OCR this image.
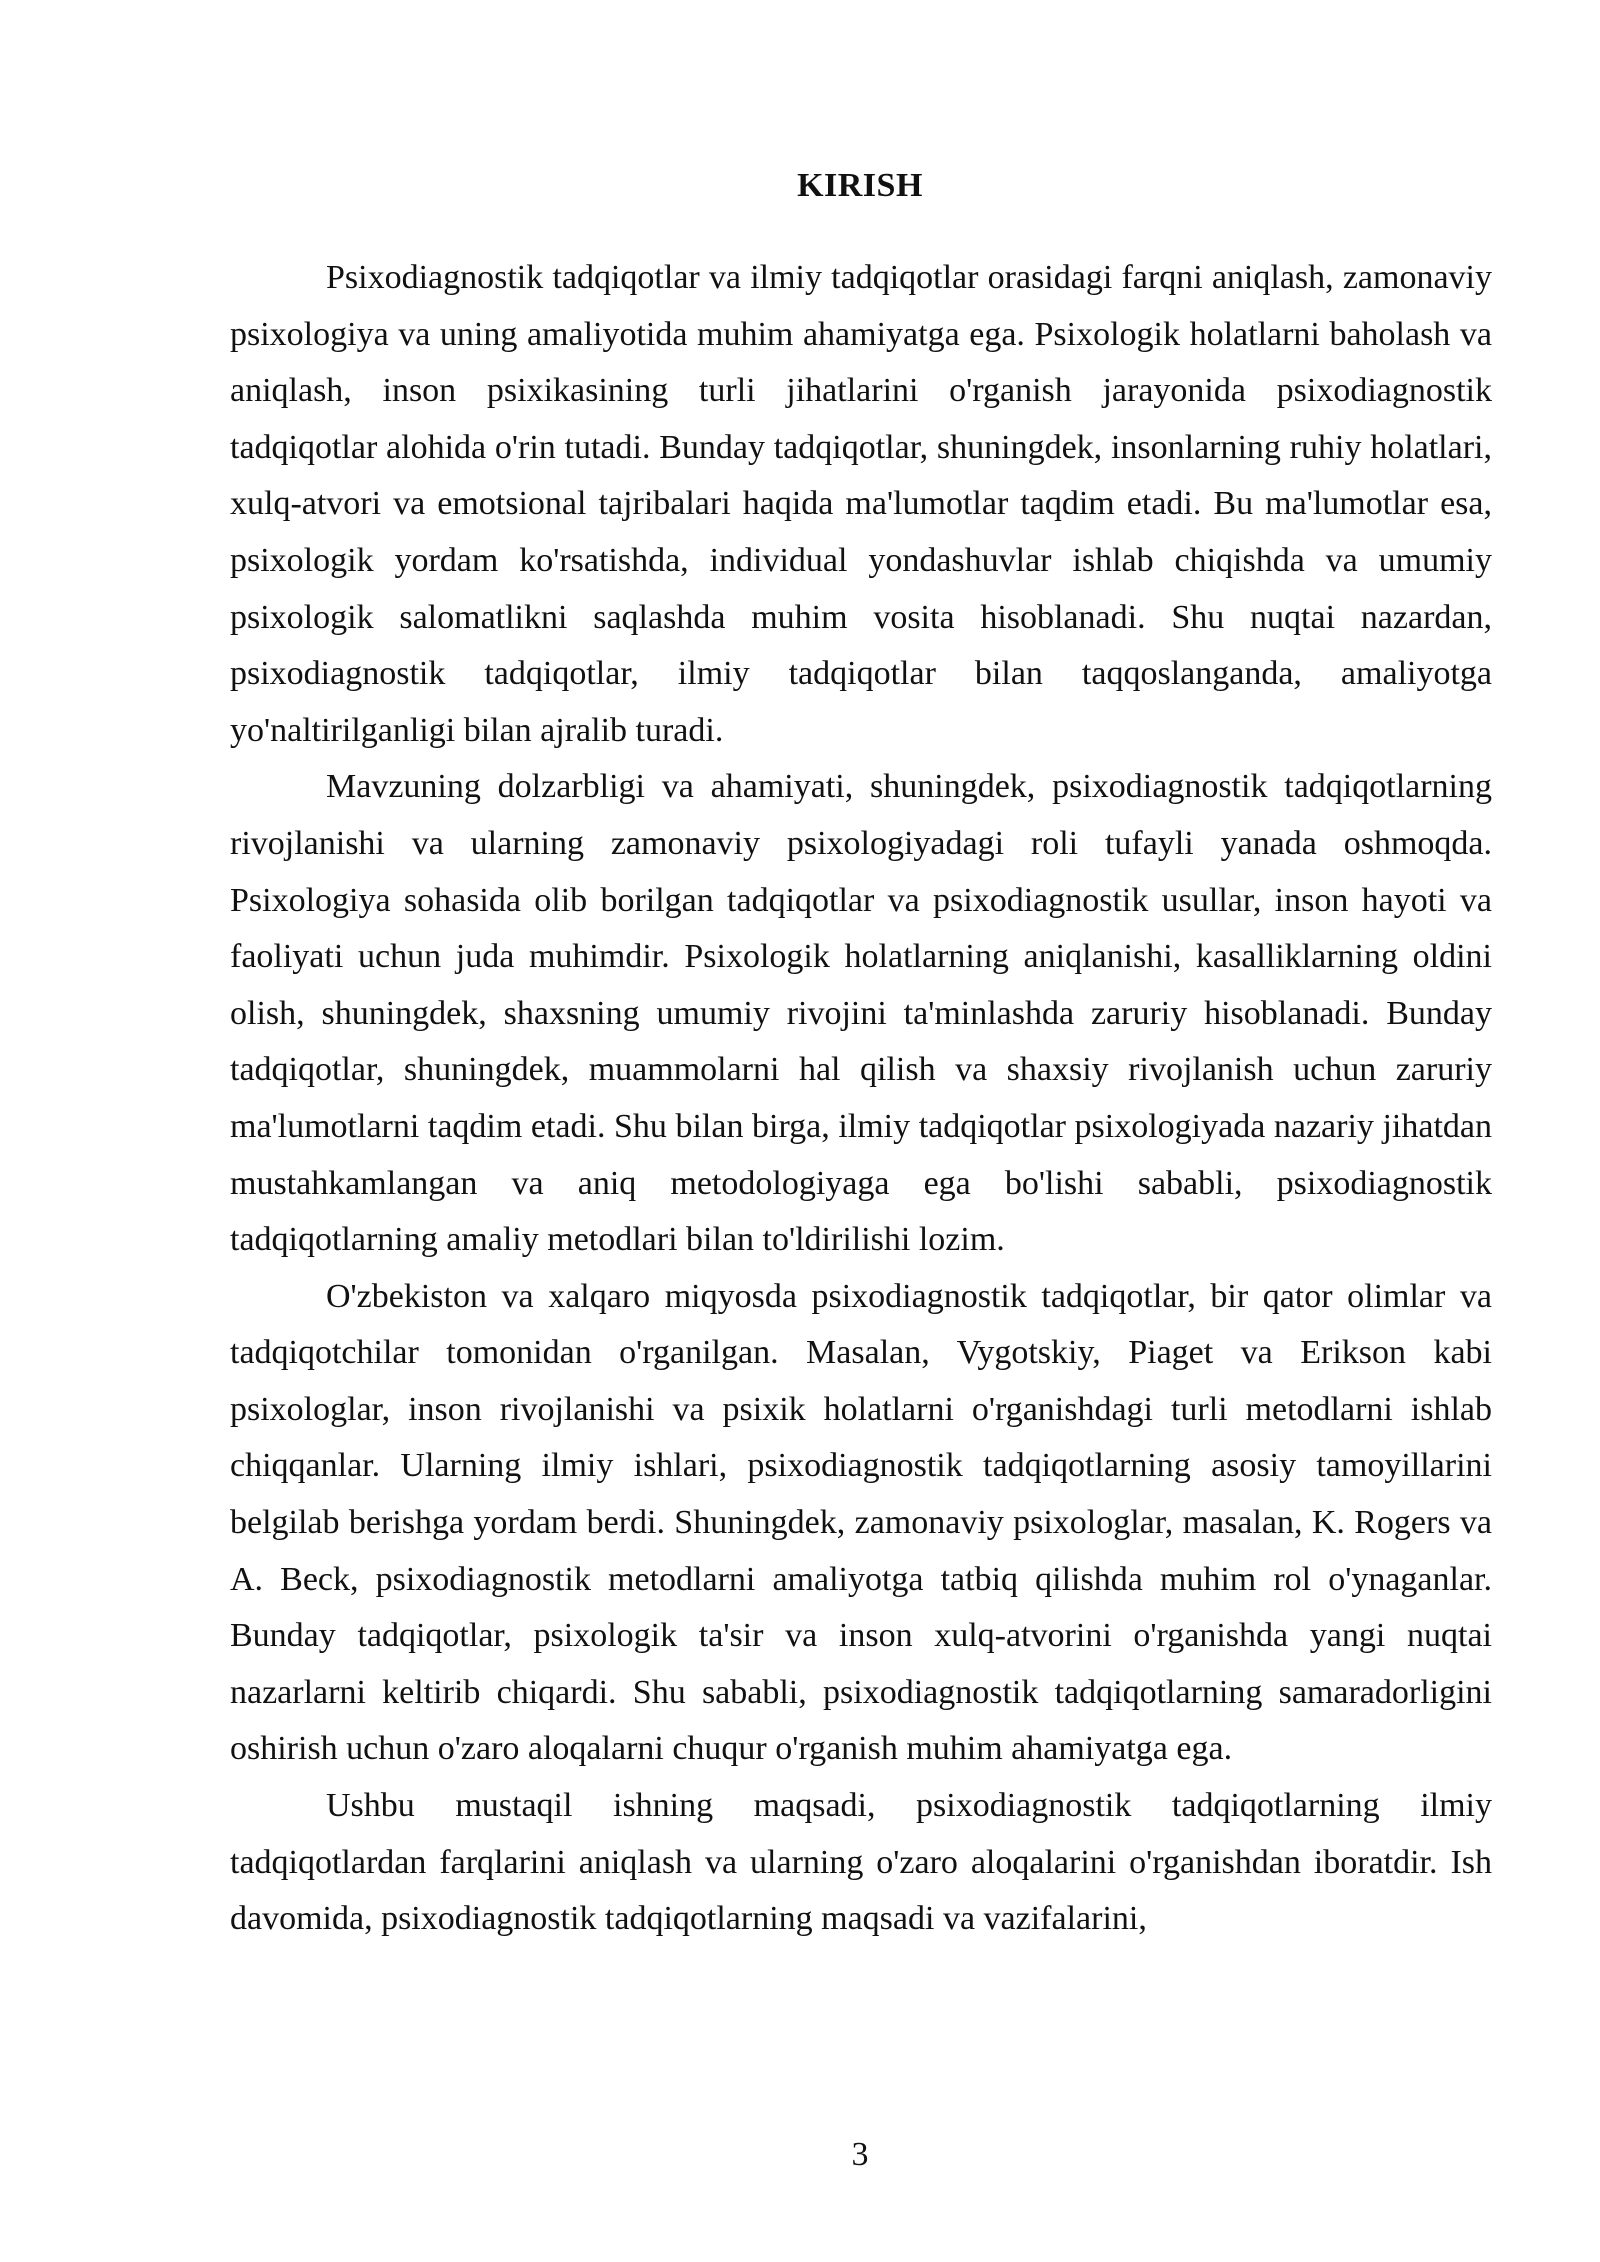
KIRISH

Psixodiagnostik tadqiqotlar va ilmiy tadqiqotlar orasidagi farqni aniqlash, zamonaviy psixologiya va uning amaliyotida muhim ahamiyatga ega. Psixologik holatlarni baholash va aniqlash, inson psixikasining turli jihatlarini o'rganish jarayonida psixodiagnostik tadqiqotlar alohida o'rin tutadi. Bunday tadqiqotlar, shuningdek, insonlarning ruhiy holatlari, xulq-atvori va emotsional tajribalari haqida ma'lumotlar taqdim etadi. Bu ma'lumotlar esa, psixologik yordam ko'rsatishda, individual yondashuvlar ishlab chiqishda va umumiy psixologik salomatlikni saqlashda muhim vosita hisoblanadi. Shu nuqtai nazardan, psixodiagnostik tadqiqotlar, ilmiy tadqiqotlar bilan taqqoslanganda, amaliyotga yo'naltirilganligi bilan ajralib turadi.

Mavzuning dolzarbligi va ahamiyati, shuningdek, psixodiagnostik tadqiqotlarning rivojlanishi va ularning zamonaviy psixologiyadagi roli tufayli yanada oshmoqda. Psixologiya sohasida olib borilgan tadqiqotlar va psixodiagnostik usullar, inson hayoti va faoliyati uchun juda muhimdir. Psixologik holatlarning aniqlanishi, kasalliklarning oldini olish, shuningdek, shaxsning umumiy rivojini ta'minlashda zaruriy hisoblanadi. Bunday tadqiqotlar, shuningdek, muammolarni hal qilish va shaxsiy rivojlanish uchun zaruriy ma'lumotlarni taqdim etadi. Shu bilan birga, ilmiy tadqiqotlar psixologiyada nazariy jihatdan mustahkamlangan va aniq metodologiyaga ega bo'lishi sababli, psixodiagnostik tadqiqotlarning amaliy metodlari bilan to'ldirilishi lozim.

O'zbekiston va xalqaro miqyosda psixodiagnostik tadqiqotlar, bir qator olimlar va tadqiqotchilar tomonidan o'rganilgan. Masalan, Vygotskiy, Piaget va Erikson kabi psixologlar, inson rivojlanishi va psixik holatlarni o'rganishdagi turli metodlarni ishlab chiqqanlar. Ularning ilmiy ishlari, psixodiagnostik tadqiqotlarning asosiy tamoyillarini belgilab berishga yordam berdi. Shuningdek, zamonaviy psixologlar, masalan, K. Rogers va A. Beck, psixodiagnostik metodlarni amaliyotga tatbiq qilishda muhim rol o'ynaganlar. Bunday tadqiqotlar, psixologik ta'sir va inson xulq-atvorini o'rganishda yangi nuqtai nazarlarni keltirib chiqardi. Shu sababli, psixodiagnostik tadqiqotlarning samaradorligini oshirish uchun o'zaro aloqalarni chuqur o'rganish muhim ahamiyatga ega.

Ushbu mustaqil ishning maqsadi, psixodiagnostik tadqiqotlarning ilmiy tadqiqotlardan farqlarini aniqlash va ularning o'zaro aloqalarini o'rganishdan iboratdir. Ish davomida, psixodiagnostik tadqiqotlarning maqsadi va vazifalarini,

3
